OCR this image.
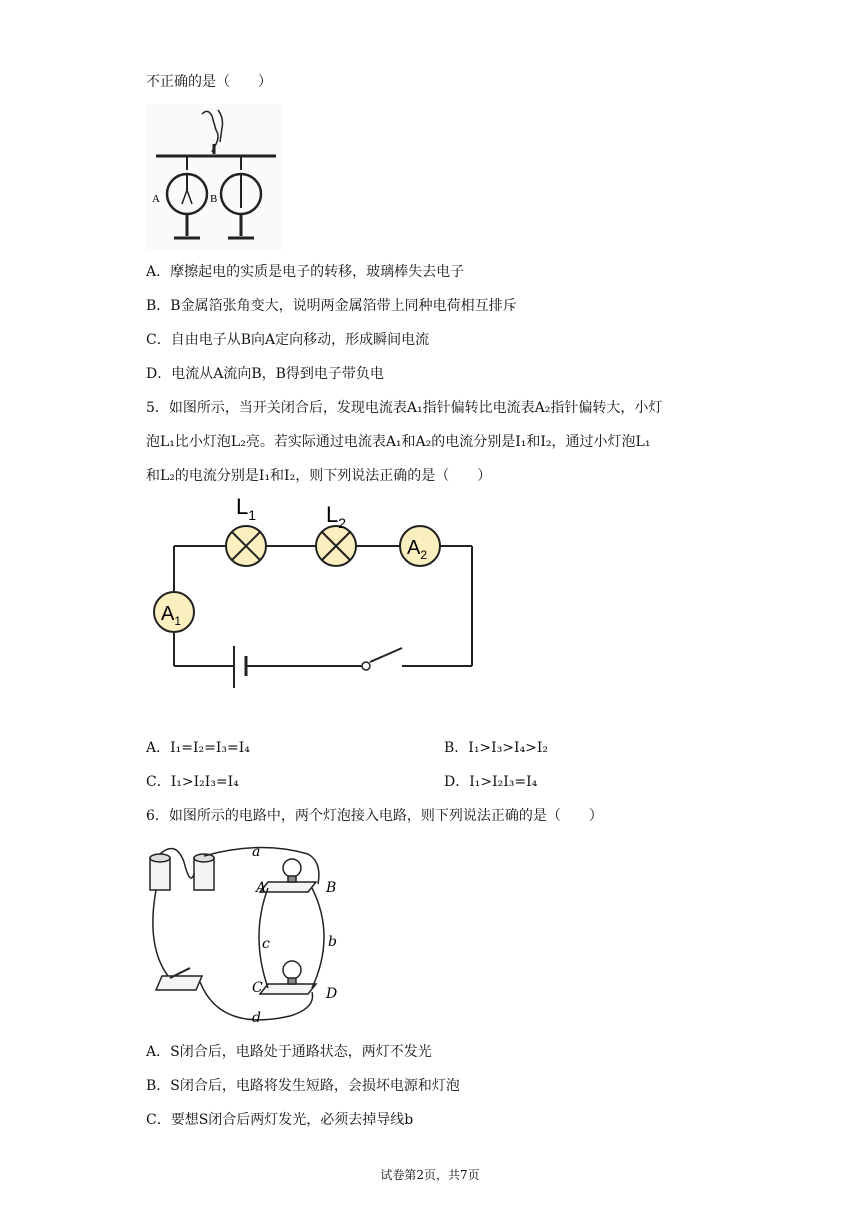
不正确的是（　　）
A	B
A．摩擦起电的实质是电子的转移，玻璃棒失去电子
B．B金属箔张角变大，说明两金属箔带上同种电荷相互排斥
C．自由电子从B向A定向移动，形成瞬间电流
D．电流从A流向B，B得到电子带负电
5．如图所示，当开关闭合后，发现电流表A₁指针偏转比电流表A₂指针偏转大，小灯
泡L₁比小灯泡L₂亮。若实际通过电流表A₁和A₂的电流分别是I₁和I₂，通过小灯泡L₁
和L₂的电流分别是I₁和I₂，则下列说法正确的是（　　）
$L_1$	$L_2$
$A_2$
$A_1$
A．I₁=I₂=I₃=I₄	B．I₁>I₃>I₄>I₂
C．I₁>I₂I₃=I₄	D．I₁>I₂I₃=I₄
6．如图所示的电路中，两个灯泡接入电路，则下列说法正确的是（　　）
a
A	B
c	b
C	D
d
A．S闭合后，电路处于通路状态，两灯不发光
B．S闭合后，电路将发生短路，会损坏电源和灯泡
C．要想S闭合后两灯发光，必须去掉导线b
试卷第2页，共7页
